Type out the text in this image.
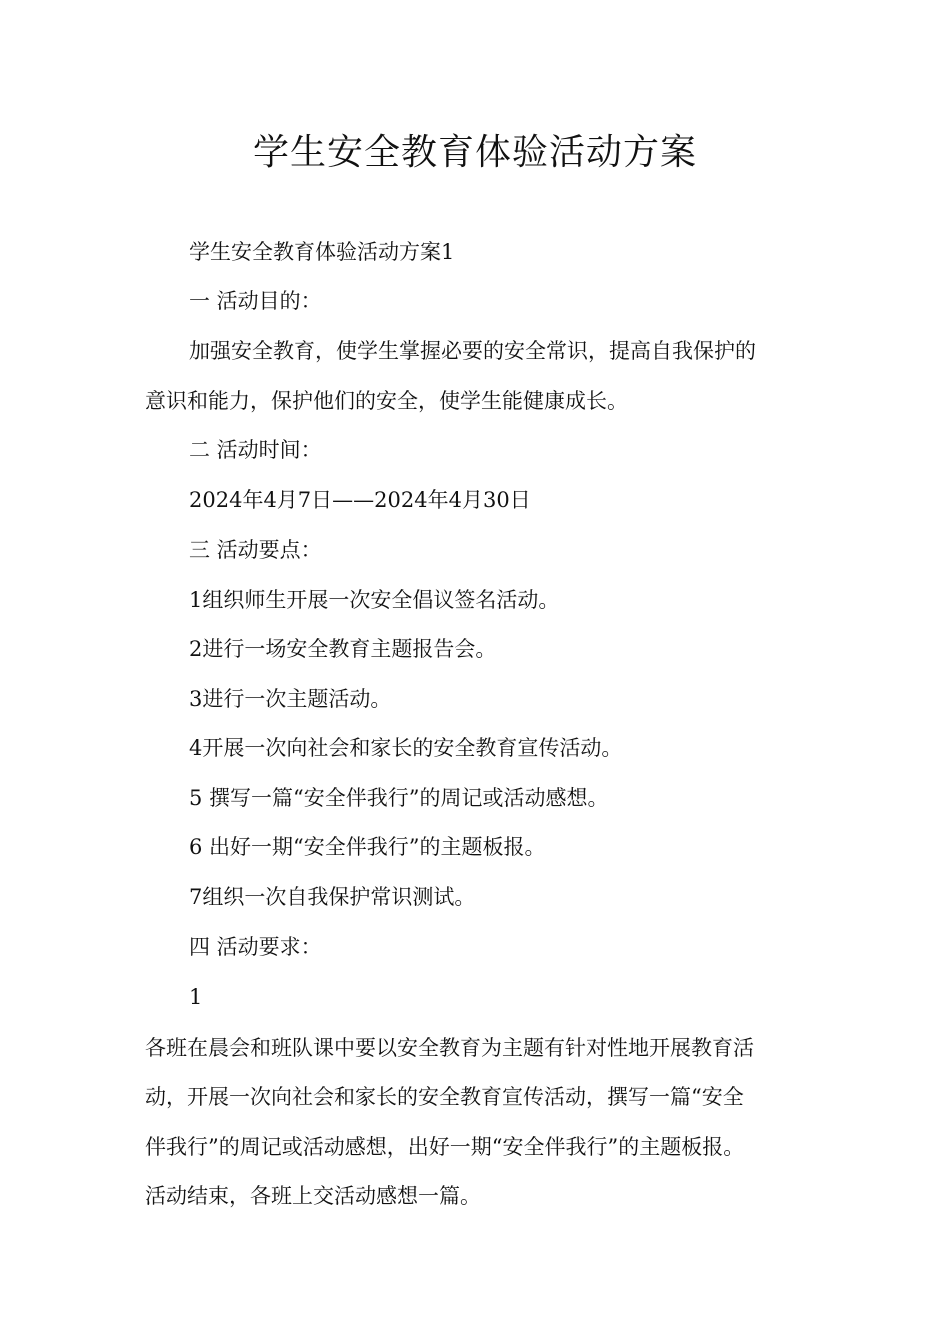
学生安全教育体验活动方案

学生安全教育体验活动方案1

一 活动目的：

加强安全教育，使学生掌握必要的安全常识，提高自我保护的

意识和能力，保护他们的安全，使学生能健康成长。

二 活动时间：

2024年4月7日——2024年4月30日

三 活动要点：

1组织师生开展一次安全倡议签名活动。

2进行一场安全教育主题报告会。

3进行一次主题活动。

4开展一次向社会和家长的安全教育宣传活动。

5 撰写一篇“安全伴我行”的周记或活动感想。

6 出好一期“安全伴我行”的主题板报。

7组织一次自我保护常识测试。

四 活动要求：

1

各班在晨会和班队课中要以安全教育为主题有针对性地开展教育活

动，开展一次向社会和家长的安全教育宣传活动，撰写一篇“安全

伴我行”的周记或活动感想，出好一期“安全伴我行”的主题板报。

活动结束，各班上交活动感想一篇。
